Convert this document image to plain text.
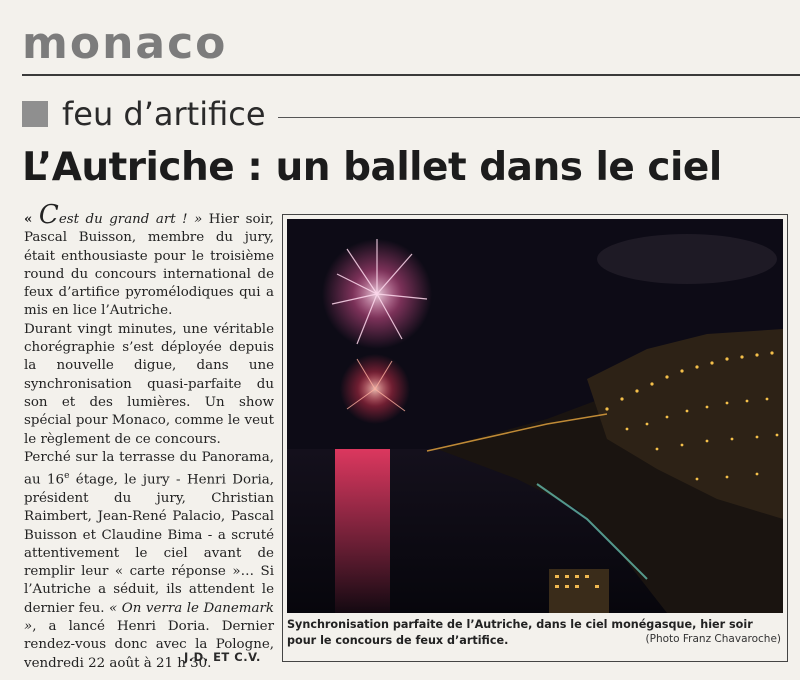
monaco
feu d’artifice
L’Autriche : un ballet dans le ciel

« Cest du grand art ! » Hier soir, Pascal Buisson, membre du jury, était enthousiaste pour le troisième round du concours international de feux d’artifice pyromélodiques qui a mis en lice l’Autriche.

Durant vingt minutes, une véritable chorégraphie s’est déployée depuis la nouvelle digue, dans une synchronisation quasi-parfaite du son et des lumières. Un show spécial pour Monaco, comme le veut le règlement de ce concours.

Perché sur la terrasse du Panorama, au 16e étage, le jury - Henri Doria, président du jury, Christian Raimbert, Jean-René Palacio, Pascal Buisson et Claudine Bima - a scruté attentivement le ciel avant de remplir leur « carte réponse »… Si l’Autriche a séduit, ils attendent le dernier feu. « On verra le Danemark », a lancé Henri Doria. Dernier rendez-vous donc avec la Pologne, vendredi 22 août à 21 h 30.

J.D. ET C.V.
Synchronisation parfaite de l’Autriche, dans le ciel monégasque, hier soir pour le concours de feux d’artifice.	(Photo Franz Chavaroche)
